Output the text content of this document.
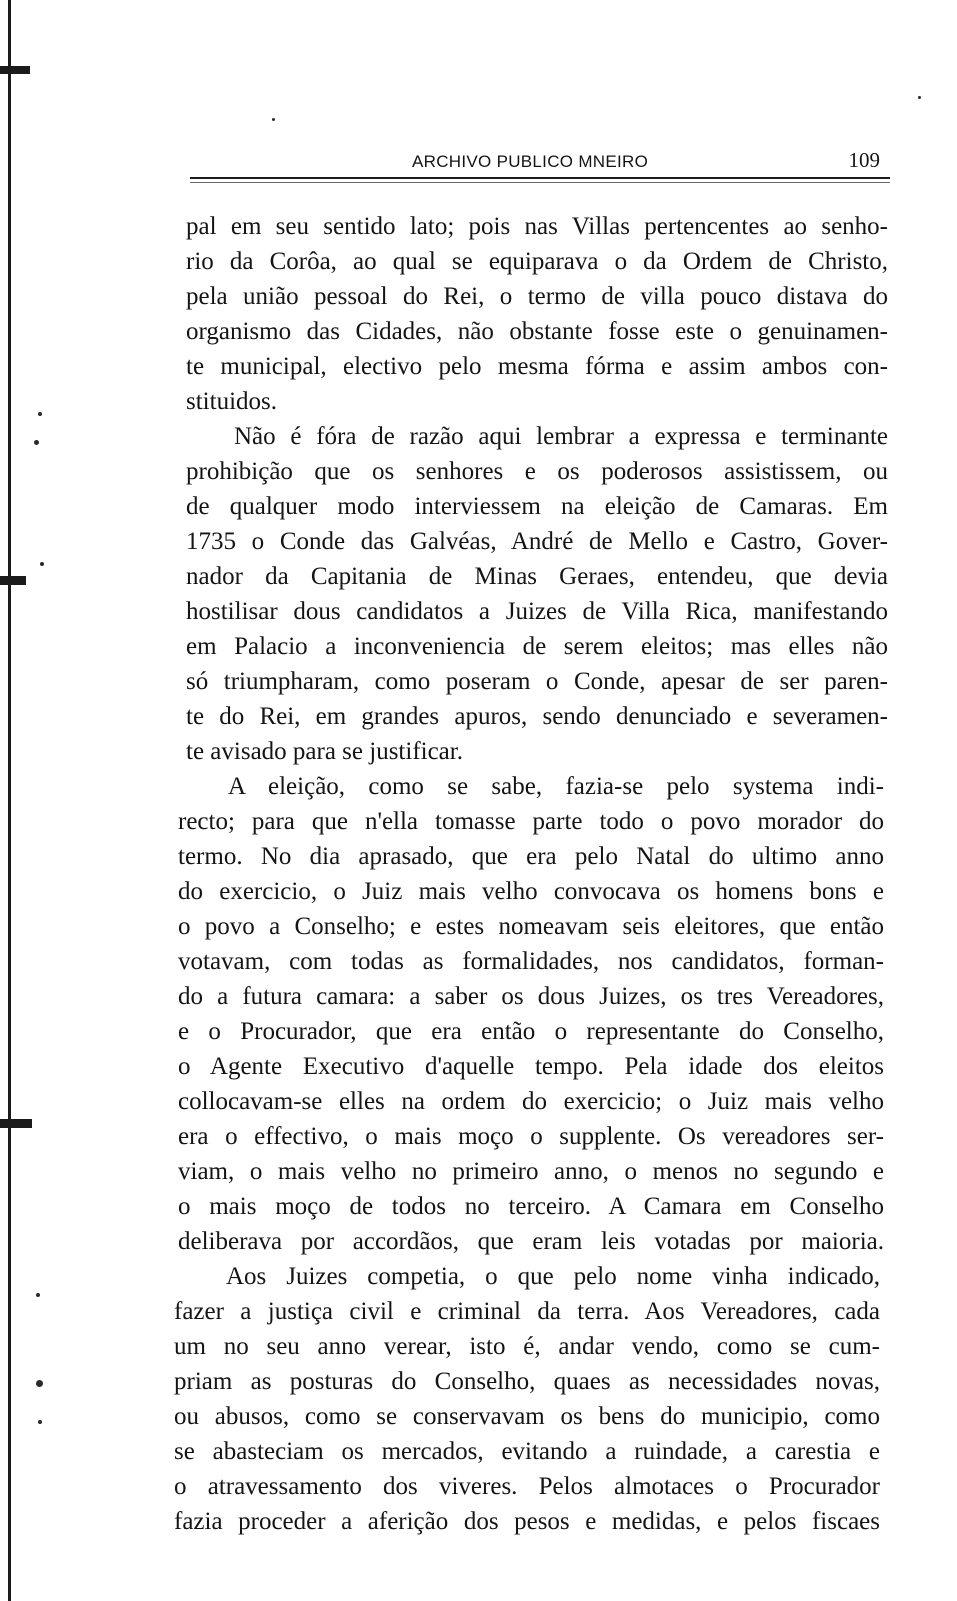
ARCHIVO PUBLICO MNEIRO	109
pal em seu sentido lato; pois nas Villas pertencentes ao senho-
rio da Corôa, ao qual se equiparava o da Ordem de Christo,
pela união pessoal do Rei, o termo de villa pouco distava do
organismo das Cidades, não obstante fosse este o genuinamen-
te municipal, electivo pelo mesma fórma e assim ambos con-
stituidos.
Não é fóra de razão aqui lembrar a expressa e terminante
prohibição que os senhores e os poderosos assistissem, ou
de qualquer modo interviessem na eleição de Camaras. Em
1735 o Conde das Galvéas, André de Mello e Castro, Gover-
nador da Capitania de Minas Geraes, entendeu, que devia
hostilisar dous candidatos a Juizes de Villa Rica, manifestando
em Palacio a inconveniencia de serem eleitos; mas elles não
só triumpharam, como poseram o Conde, apesar de ser paren-
te do Rei, em grandes apuros, sendo denunciado e severamen-
te avisado para se justificar.
A eleição, como se sabe, fazia-se pelo systema indi-
recto; para que n'ella tomasse parte todo o povo morador do
termo. No dia aprasado, que era pelo Natal do ultimo anno
do exercicio, o Juiz mais velho convocava os homens bons e
o povo a Conselho; e estes nomeavam seis eleitores, que então
votavam, com todas as formalidades, nos candidatos, forman-
do a futura camara: a saber os dous Juizes, os tres Vereadores,
e o Procurador, que era então o representante do Conselho,
o Agente Executivo d'aquelle tempo. Pela idade dos eleitos
collocavam-se elles na ordem do exercicio; o Juiz mais velho
era o effectivo, o mais moço o supplente. Os vereadores ser-
viam, o mais velho no primeiro anno, o menos no segundo e
o mais moço de todos no terceiro. A Camara em Conselho
deliberava por accordãos, que eram leis votadas por maioria.
Aos Juizes competia, o que pelo nome vinha indicado,
fazer a justiça civil e criminal da terra. Aos Vereadores, cada
um no seu anno verear, isto é, andar vendo, como se cum-
priam as posturas do Conselho, quaes as necessidades novas,
ou abusos, como se conservavam os bens do municipio, como
se abasteciam os mercados, evitando a ruindade, a carestia e
o atravessamento dos viveres. Pelos almotaces o Procurador
fazia proceder a aferição dos pesos e medidas, e pelos fiscaes
